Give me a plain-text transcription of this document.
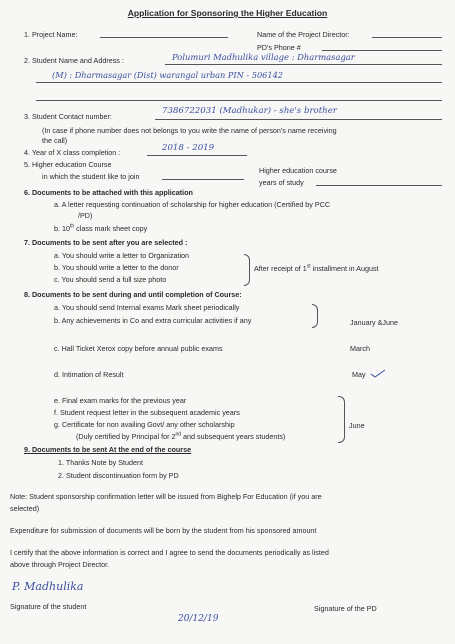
Application for Sponsoring the Higher Education
1. Project Name:	Name of the Project Director:
PD's Phone #
2. Student Name and Address :	Polumuri Madhulika village : Dharmasagar
(M) : Dharmasagar (Dist) warangal urban PIN - 506142
3. Student Contact number:
7386722031 (Madhukar) - she's brother
(In case if phone number does not belongs to you write the name of person's name receiving
the call)
4. Year of X class completion :	2018 - 2019
5. Higher education Course
in which the student like to join
Higher education course
years of study
6. Documents to be attached with this application
a. A letter requesting continuation of scholarship for higher education (Certified by PCC
/PD)
b. 10th class mark sheet copy
7. Documents to be sent after you are selected :
a. You should write a letter to Organization
b. You should write a letter to the donor
c. You should send a full size photo
After receipt of 1st installment in August
8. Documents to be sent during and until completion of Course:
a. You should send Internal exams Mark sheet periodically
b. Any achievements in Co and extra curricular activities if any	January &June
c. Hall Ticket Xerox copy before annual public exams	March
d. Intimation of Result	May
e. Final exam marks for the previous year
f. Student request letter in the subsequent academic years
g. Certificate for non availing Govt/ any other scholarship
(Duly certified by Principal for 2nd and subsequent years students)
June
9. Documents to be sent At the end of the course
1. Thanks Note by Student
2. Student discontinuation form by PD
Note: Student sponsorship confirmation letter will be issued from Bighelp For Education (if you are
selected)
Expenditure for submission of documents will be born by the student from his sponsored amount
I certify that the above information is correct and I agree to send the documents periodically as listed
above through Project Director.
P. Madhulika
Signature of the student	Signature of the PD
20/12/19
